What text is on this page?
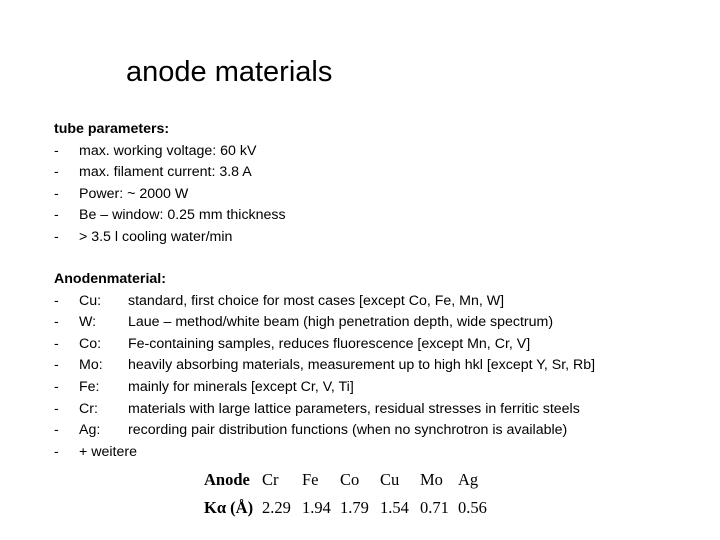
anode materials
tube parameters:
-	max. working voltage: 60 kV
-	max. filament current: 3.8 A
-	Power: ~ 2000 W
-	Be – window: 0.25 mm thickness
-	> 3.5 l cooling water/min
Anodenmaterial:
-	Cu:	standard, first choice for most cases [except Co, Fe, Mn, W]
-	W:	Laue – method/white beam (high penetration depth, wide spectrum)
-	Co:	Fe-containing samples, reduces fluorescence [except Mn, Cr, V]
-	Mo:	heavily absorbing materials, measurement up to high hkl [except Y, Sr, Rb]
-	Fe:	mainly for minerals [except Cr, V, Ti]
-	Cr:	materials with large lattice parameters, residual stresses in ferritic steels
-	Ag:	recording pair distribution functions (when no synchrotron is available)
-	+ weitere
Anode Cr	Fe	Co	Cu	Mo Ag
Kα (Å) 2.29 1.94 1.79 1.54 0.71 0.56
